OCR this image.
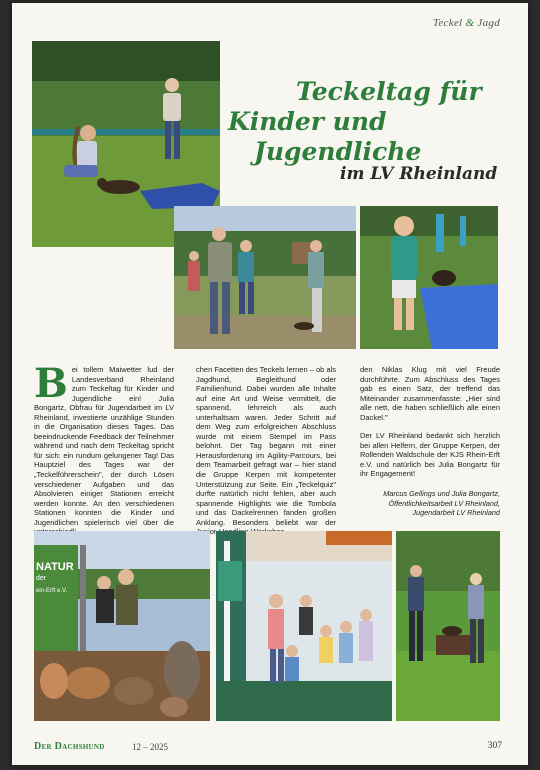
Teckel & Jagd
Teckeltag für
Kinder und
Jugendliche
im LV Rheinland
B ei tollem Maiwetter lud der Landesverband Rheinland zum Teckeltag für Kinder und Jugendliche ein! Julia Bongartz, Obfrau für Jugendarbeit im LV Rheinland, investierte unzählige Stunden in die Organisation dieses Tages. Das beeindruckende Feedback der Teilnehmer während und nach dem Teckeltag spricht für sich: ein rundum gelungener Tag! Das Hauptziel des Tages war der „Teckelführerschein", der durch Lösen verschiedener Aufgaben und das Absolvieren einiger Stationen erreicht werden konnte. An den verschiedenen Stationen konnten die Kinder und Jugendlichen spielerisch viel über die

chen Facetten des Teckels lernen – ob als Jagdhund, Begleithund oder Familienhund. Dabei wurden alle Inhalte auf eine Art und Weise vermittelt, die spannend, lehrreich als auch unterhaltsam waren. Jeder Schritt auf dem Weg zum erfolgreichen Abschluss wurde mit einem Stempel im Pass belohnt. Der Tag begann mit einer Herausforderung im Agility-Parcours, bei dem Teamarbeit gefragt war – hier stand die Gruppe Kerpen mit kompetenter Unterstützung zur Seite. Ein „Teckelquiz" durfte natürlich nicht fehlen, aber auch spannende Highlights wie die Tombola und das Dackelrennen fanden großen Anklang. Besonders beliebt war der

den Niklas Klug mit viel Freude durchführte. Zum Abschluss des Tages gab es einen Satz, der treffend das Miteinander zusammenfasste: „Hier sind alle nett, die haben schließlich alle einen Dackel."

Der LV Rheinland bedankt sich herzlich bei allen Helfern, der Gruppe Kerpen, der Rollenden Waldschule der KJS Rhein-Erft e.V. und natürlich bei Julia Bongartz für ihr Engagement!

Marcus Gellings und Julia Bongartz, Öffentlichkeitsarbeit LV Rheinland, Jugendarbeit LV Rheinland
NATUR
der
ein-Erft e.V.
Der Dachshund	12 – 2025	307
